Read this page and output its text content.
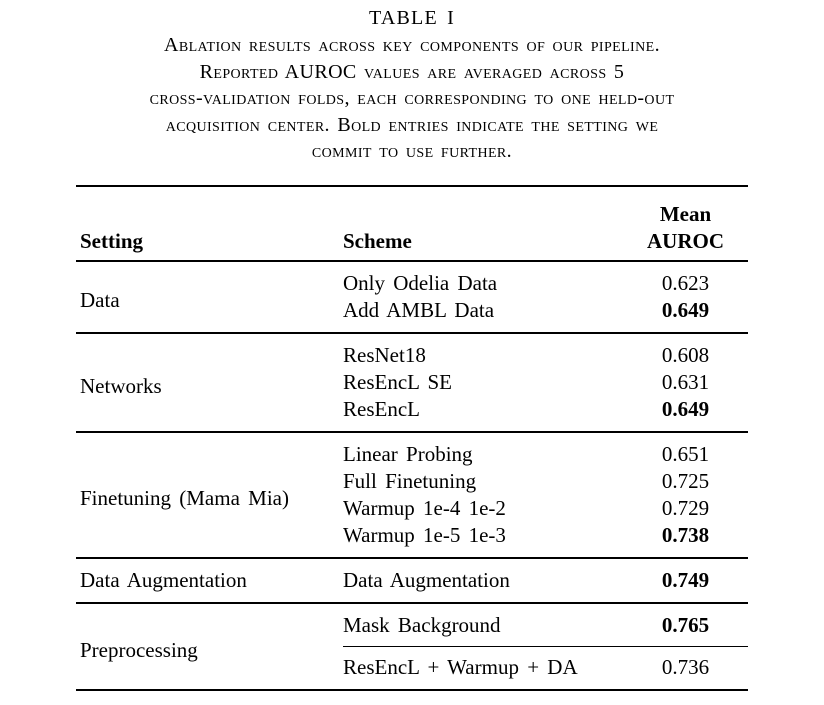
TABLE I
Ablation results across key components of our pipeline.
Reported AUROC values are averaged across 5
cross-validation folds, each corresponding to one held-out
acquisition center. Bold entries indicate the setting we
commit to use further.
Setting	Scheme	Mean
AUROC

Data	Only Odelia Data	0.623
	Add AMBL Data	0.649
Networks	ResNet18	0.608
	ResEncL SE	0.631
	ResEncL	0.649
Finetuning (Mama Mia)	Linear Probing	0.651
	Full Finetuning	0.725
	Warmup 1e-4 1e-2	0.729
	Warmup 1e-5 1e-3	0.738
Data Augmentation	Data Augmentation	0.749
Preprocessing	Mask Background	0.765
	ResEncL + Warmup + DA	0.736
